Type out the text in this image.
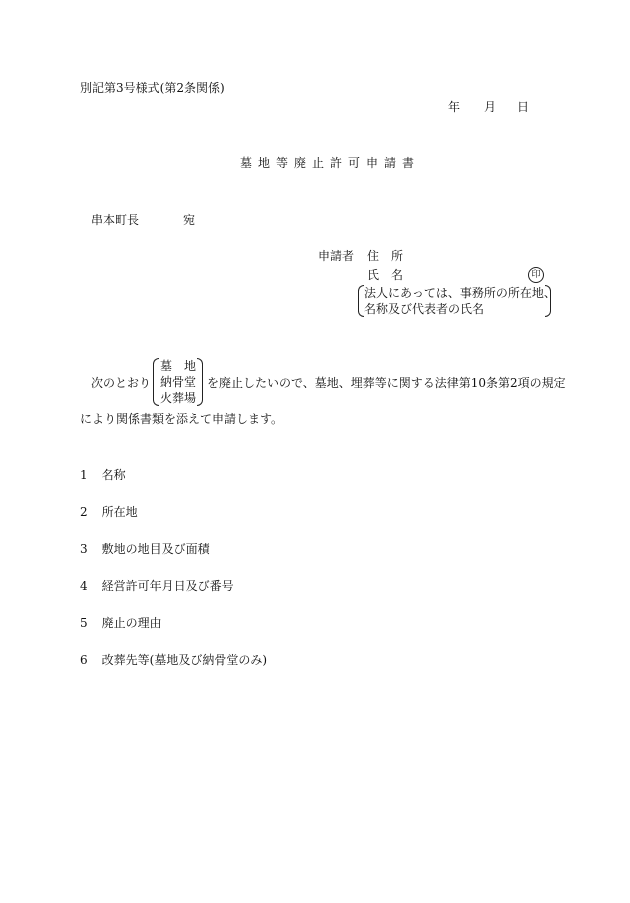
別記第3号様式(第2条関係)
年 月 日
墓地等廃止許可申請書
串本町長	宛
申請者 住　所
氏　名	印
法人にあっては、事務所の所在地、
名称及び代表者の氏名
次のとおり
墓　地
納骨堂
火葬場
を廃止したいので、墓地、埋葬等に関する法律第10条第2項の規定
により関係書類を添えて申請します。
1 名称
2 所在地
3 敷地の地目及び面積
4 経営許可年月日及び番号
5 廃止の理由
6 改葬先等(墓地及び納骨堂のみ)
